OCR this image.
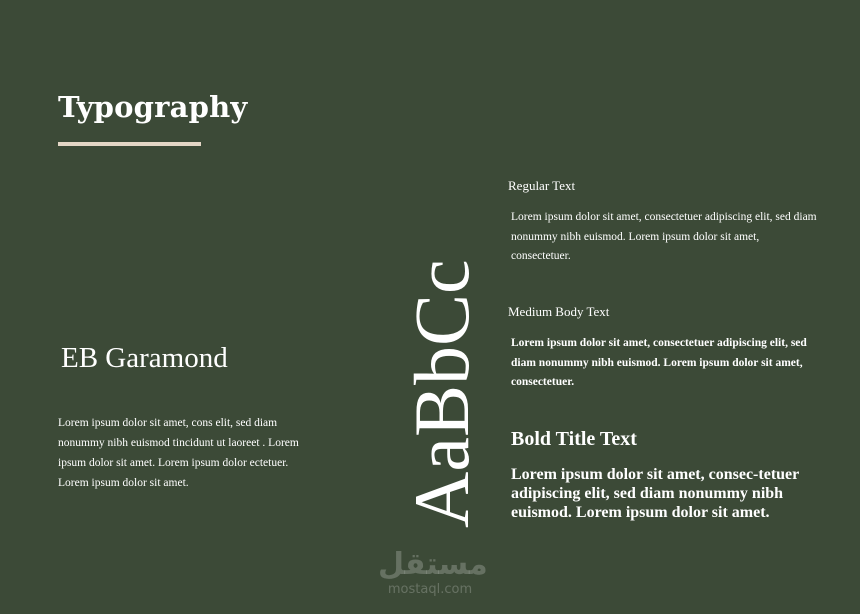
Typography
EB Garamond
Lorem ipsum dolor sit amet, cons elit, sed diam nonummy nibh euismod tincidunt ut laoreet . Lorem ipsum dolor sit amet. Lorem ipsum dolor ectetuer. Lorem ipsum dolor sit amet.	AaBbCc
Regular Text
Lorem ipsum dolor sit amet, consectetuer adipiscing elit, sed diam nonummy nibh euismod. Lorem ipsum dolor sit amet, consectetuer.
Medium Body Text
Lorem ipsum dolor sit amet, consectetuer adipiscing elit, sed diam nonummy nibh euismod. Lorem ipsum dolor sit amet, consectetuer.
Bold Title Text
Lorem ipsum dolor sit amet, consec-tetuer adipiscing elit, sed diam nonummy nibh euismod. Lorem ipsum dolor sit amet.
مستقل
mostaql.com
